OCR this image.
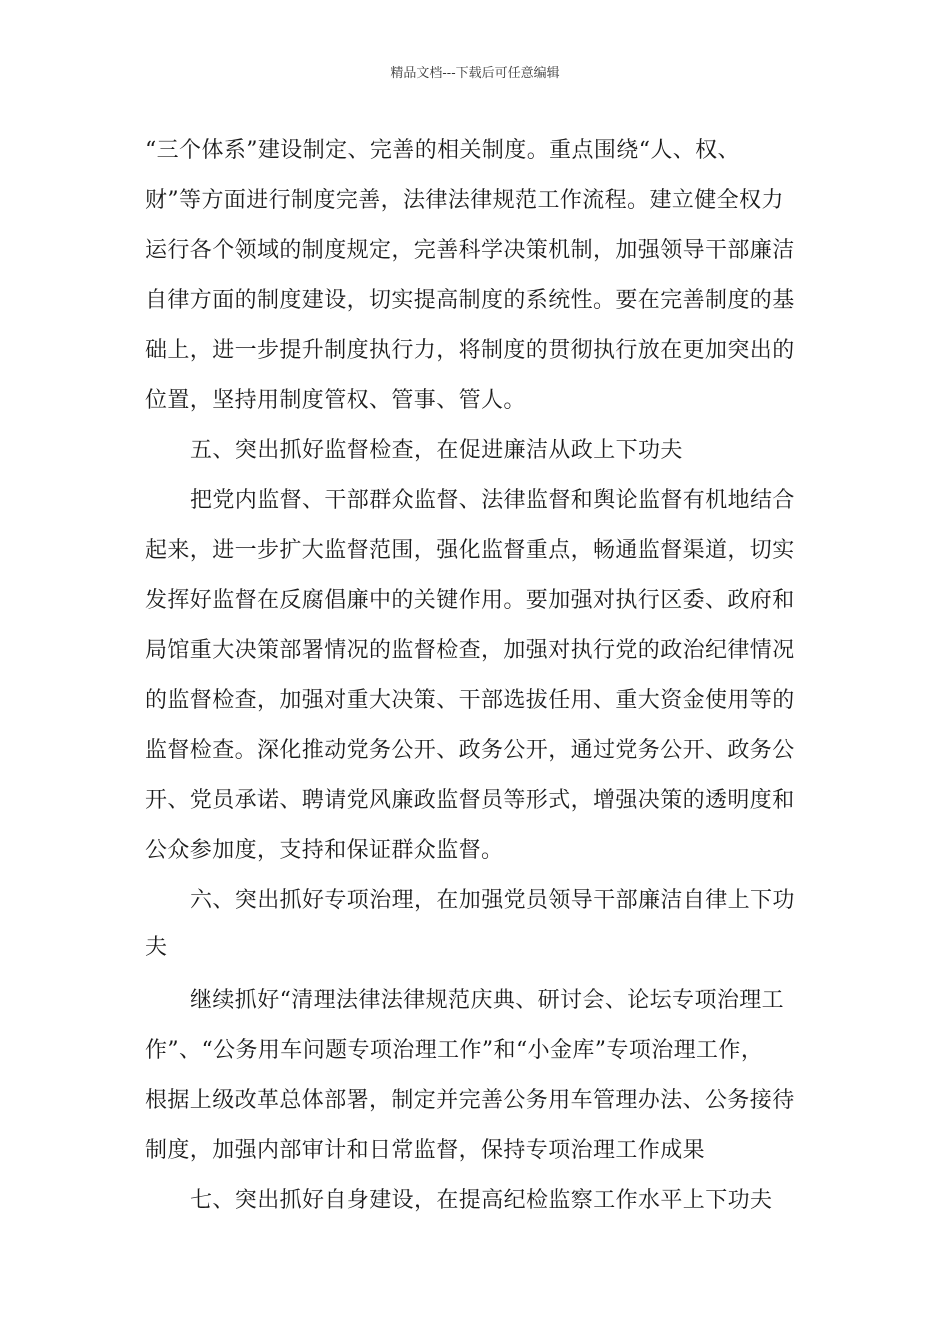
精品文档---下载后可任意编辑
“三个体系”建设制定、完善的相关制度。重点围绕“人、权、
财”等方面进行制度完善，法律法律规范工作流程。建立健全权力
运行各个领域的制度规定，完善科学决策机制，加强领导干部廉洁
自律方面的制度建设，切实提高制度的系统性。要在完善制度的基
础上，进一步提升制度执行力，将制度的贯彻执行放在更加突出的
位置，坚持用制度管权、管事、管人。
五、突出抓好监督检查，在促进廉洁从政上下功夫
把党内监督、干部群众监督、法律监督和舆论监督有机地结合
起来，进一步扩大监督范围，强化监督重点，畅通监督渠道，切实
发挥好监督在反腐倡廉中的关键作用。要加强对执行区委、政府和
局馆重大决策部署情况的监督检查，加强对执行党的政治纪律情况
的监督检查，加强对重大决策、干部选拔任用、重大资金使用等的
监督检查。深化推动党务公开、政务公开，通过党务公开、政务公
开、党员承诺、聘请党风廉政监督员等形式，增强决策的透明度和
公众参加度，支持和保证群众监督。
六、突出抓好专项治理，在加强党员领导干部廉洁自律上下功
夫
继续抓好“清理法律法律规范庆典、研讨会、论坛专项治理工
作”、“公务用车问题专项治理工作”和“小金库”专项治理工作，
根据上级改革总体部署，制定并完善公务用车管理办法、公务接待
制度，加强内部审计和日常监督，保持专项治理工作成果
七、突出抓好自身建设，在提高纪检监察工作水平上下功夫
